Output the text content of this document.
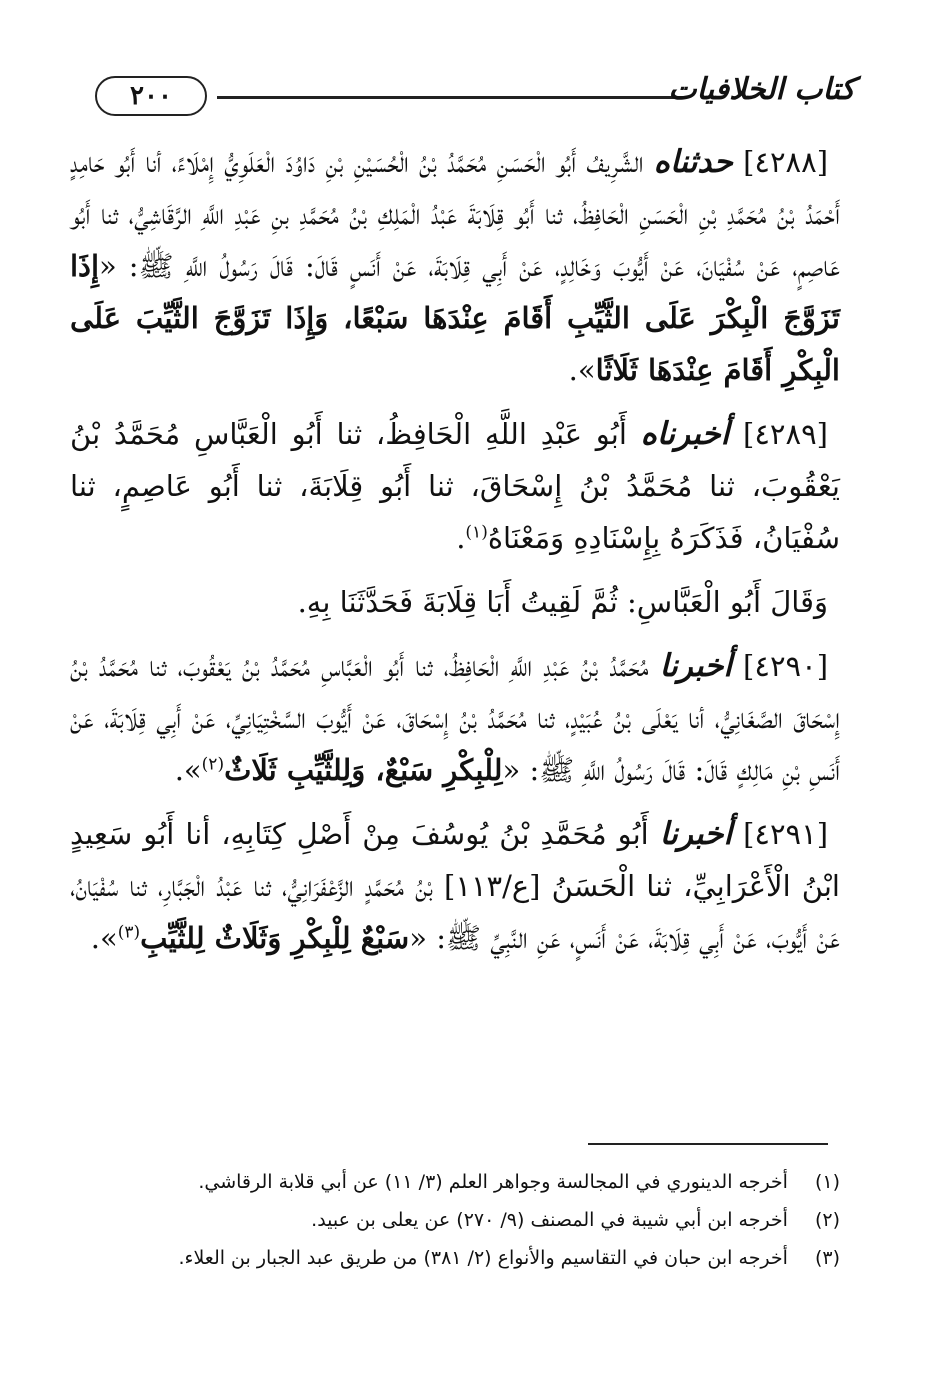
٢٠٠	كتاب الخلافيات

[٤٢٨٨] حدثناه الشَّرِيفُ أَبُو الْحَسَنِ مُحَمَّدُ بْنُ الْحُسَيْنِ بْنِ دَاوُدَ الْعَلَوِيُّ إِمْلَاءً، أنا أَبُو حَامِدٍ أَحْمَدُ بْنُ مُحَمَّدِ بْنِ الْحَسَنِ الْحَافِظُ، ثنا أَبُو قِلَابَةَ عَبْدُ الْمَلِكِ بْنُ مُحَمَّدِ بنِ عَبْدِ اللَّهِ الرَّقَاشِيُّ، ثنا أَبُو عَاصِمٍ، عَنْ سُفْيَانَ، عَنْ أَيُّوبَ وَخَالِدٍ، عَنْ أَبِي قِلَابَةَ، عَنْ أَنَسٍ قَالَ: قَالَ رَسُولُ اللَّهِ ﷺ: «إِذَا تَزَوَّجَ الْبِكْرَ عَلَى الثَّيِّبِ أَقَامَ عِنْدَهَا سَبْعًا، وَإِذَا تَزَوَّجَ الثَّيِّبَ عَلَى الْبِكْرِ أَقَامَ عِنْدَهَا ثَلَاثًا».

[٤٢٨٩] أخبرناه أَبُو عَبْدِ اللَّهِ الْحَافِظُ، ثنا أَبُو الْعَبَّاسِ مُحَمَّدُ بْنُ يَعْقُوبَ، ثنا مُحَمَّدُ بْنُ إِسْحَاقَ، ثنا أَبُو قِلَابَةَ، ثنا أَبُو عَاصِمٍ، ثنا سُفْيَانُ، فَذَكَرَهُ بِإِسْنَادِهِ وَمَعْنَاهُ$^{(١)}$.

وَقَالَ أَبُو الْعَبَّاسِ: ثُمَّ لَقِيتُ أَبَا قِلَابَةَ فَحَدَّثَنَا بِهِ.

[٤٢٩٠] أخبرنا مُحَمَّدُ بْنُ عَبْدِ اللَّهِ الْحَافِظُ، ثنا أَبُو الْعَبَّاسِ مُحَمَّدُ بْنُ يَعْقُوبَ، ثنا مُحَمَّدُ بْنُ إِسْحَاقَ الصَّغَانِيُّ، أنا يَعْلَى بْنُ عُبَيْدٍ، ثنا مُحَمَّدُ بْنُ إِسْحَاقَ، عَنْ أَيُّوبَ السَّخْتِيَانِيِّ، عَنْ أَبِي قِلَابَةَ، عَنْ أَنَسِ بْنِ مَالِكٍ قَالَ: قَالَ رَسُولُ اللَّهِ ﷺ: «لِلْبِكْرِ سَبْعٌ، وَلِلثَّيِّبِ ثَلَاثٌ$^{(٢)}$».

[٤٢٩١] أخبرنا أَبُو مُحَمَّدِ بْنُ يُوسُفَ مِنْ أَصْلِ كِتَابِهِ، أنا أَبُو سَعِيدٍ ابْنُ الْأَعْرَابِيِّ، ثنا الْحَسَنُ [ع/١١٣] بْنُ مُحَمَّدٍ الزَّعْفَرَانِيُّ، ثنا عَبْدُ الْجَبَّارِ، ثنا سُفْيَانُ، عَنْ أَيُّوبَ، عَنْ أَبِي قِلَابَةَ، عَنْ أَنَسٍ، عَنِ النَّبِيِّ ﷺ: «سَبْعٌ لِلْبِكْرِ وَثَلَاثٌ لِلثَّيِّبِ$^{(٣)}$».

(١) أخرجه الدينوري في المجالسة وجواهر العلم (٣/ ١١) عن أبي قلابة الرقاشي.
(٢) أخرجه ابن أبي شيبة في المصنف (٩/ ٢٧٠) عن يعلى بن عبيد.
(٣) أخرجه ابن حبان في التقاسيم والأنواع (٢/ ٣٨١) من طريق عبد الجبار بن العلاء.
